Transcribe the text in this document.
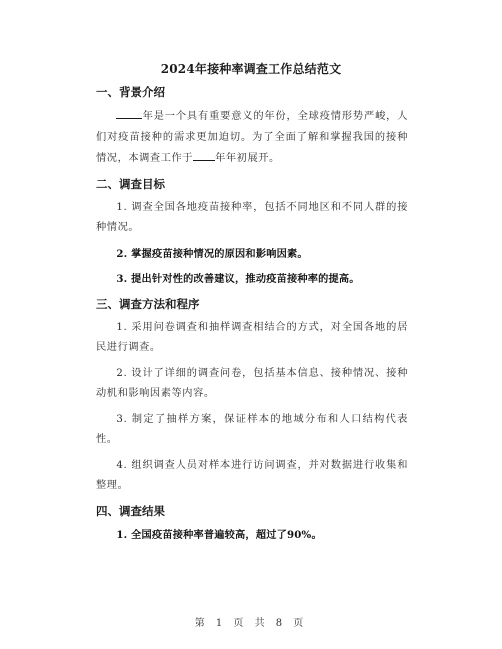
2024年接种率调查工作总结范文
一、背景介绍

年是一个具有重要意义的年份，全球疫情形势严峻，人们对疫苗接种的需求更加迫切。为了全面了解和掌握我国的接种情况，本调查工作于 年年初展开。

二、调查目标

1. 调查全国各地疫苗接种率，包括不同地区和不同人群的接种情况。

2. 掌握疫苗接种情况的原因和影响因素。

3. 提出针对性的改善建议，推动疫苗接种率的提高。

三、调查方法和程序

1. 采用问卷调查和抽样调查相结合的方式，对全国各地的居民进行调查。

2. 设计了详细的调查问卷，包括基本信息、接种情况、接种动机和影响因素等内容。

3. 制定了抽样方案，保证样本的地域分布和人口结构代表性。

4. 组织调查人员对样本进行访问调查，并对数据进行收集和整理。

四、调查结果

1. 全国疫苗接种率普遍较高，超过了90%。

第 1 页 共 8 页
